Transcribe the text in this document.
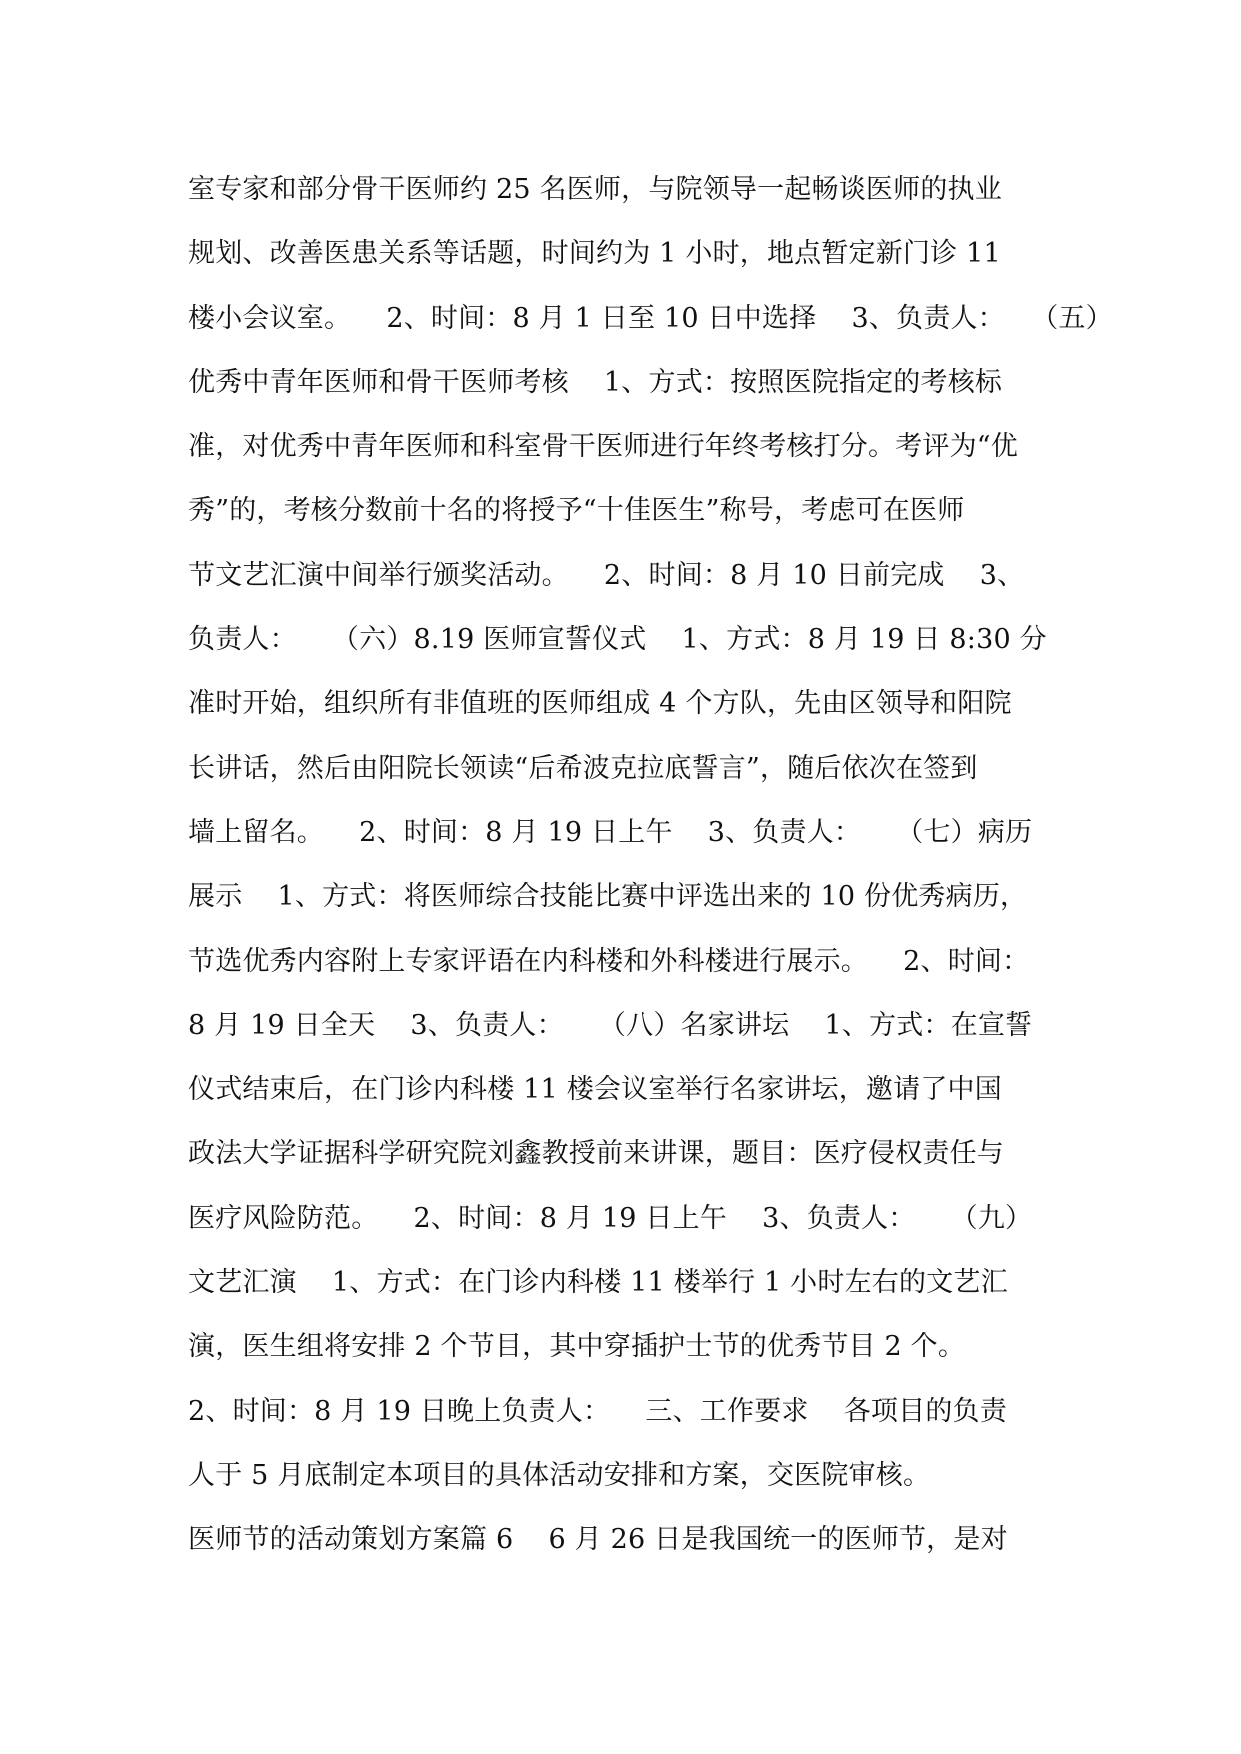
室专家和部分骨干医师约 25 名医师，与院领导一起畅谈医师的执业
规划、改善医患关系等话题，时间约为 1 小时，地点暂定新门诊 11
楼小会议室。    2、时间：8 月 1 日至 10 日中选择    3、负责人：   （五）
优秀中青年医师和骨干医师考核    1、方式：按照医院指定的考核标
准，对优秀中青年医师和科室骨干医师进行年终考核打分。考评为“优
秀”的，考核分数前十名的将授予“十佳医生”称号，考虑可在医师
节文艺汇演中间举行颁奖活动。    2、时间：8 月 10 日前完成    3、
负责人：    （六）8.19 医师宣誓仪式    1、方式：8 月 19 日 8:30 分
准时开始，组织所有非值班的医师组成 4 个方队，先由区领导和阳院
长讲话，然后由阳院长领读“后希波克拉底誓言”，随后依次在签到
墙上留名。    2、时间：8 月 19 日上午    3、负责人：    （七）病历
展示    1、方式：将医师综合技能比赛中评选出来的 10 份优秀病历，
节选优秀内容附上专家评语在内科楼和外科楼进行展示。    2、时间：
8 月 19 日全天    3、负责人：    （八）名家讲坛    1、方式：在宣誓
仪式结束后，在门诊内科楼 11 楼会议室举行名家讲坛，邀请了中国
政法大学证据科学研究院刘鑫教授前来讲课，题目：医疗侵权责任与
医疗风险防范。    2、时间：8 月 19 日上午    3、负责人：    （九）
文艺汇演    1、方式：在门诊内科楼 11 楼举行 1 小时左右的文艺汇
演，医生组将安排 2 个节目，其中穿插护士节的优秀节目 2 个。
2、时间：8 月 19 日晚上负责人：    三、工作要求    各项目的负责
人于 5 月底制定本项目的具体活动安排和方案，交医院审核。
医师节的活动策划方案篇 6    6 月 26 日是我国统一的医师节，是对
